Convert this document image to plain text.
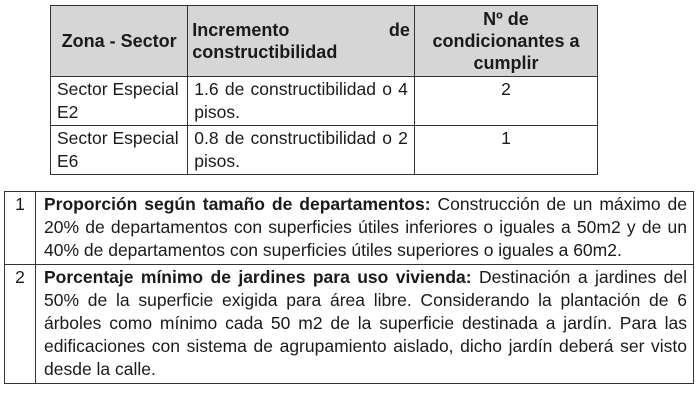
Zona - Sector	Incremento de constructibilidad	Nº de condicionantes a cumplir
Sector Especial E2	1.6 de constructibilidad o 4 pisos.	2
Sector Especial E6	0.8 de constructibilidad o 2 pisos.	1
1	Proporción según tamaño de departamentos: Construcción de un máximo de 20% de departamentos con superficies útiles inferiores o iguales a 50m2 y de un 40% de departamentos con superficies útiles superiores o iguales a 60m2.
2	Porcentaje mínimo de jardines para uso vivienda: Destinación a jardines del 50% de la superficie exigida para área libre. Considerando la plantación de 6 árboles como mínimo cada 50 m2 de la superficie destinada a jardín. Para las edificaciones con sistema de agrupamiento aislado, dicho jardín deberá ser visto desde la calle.
